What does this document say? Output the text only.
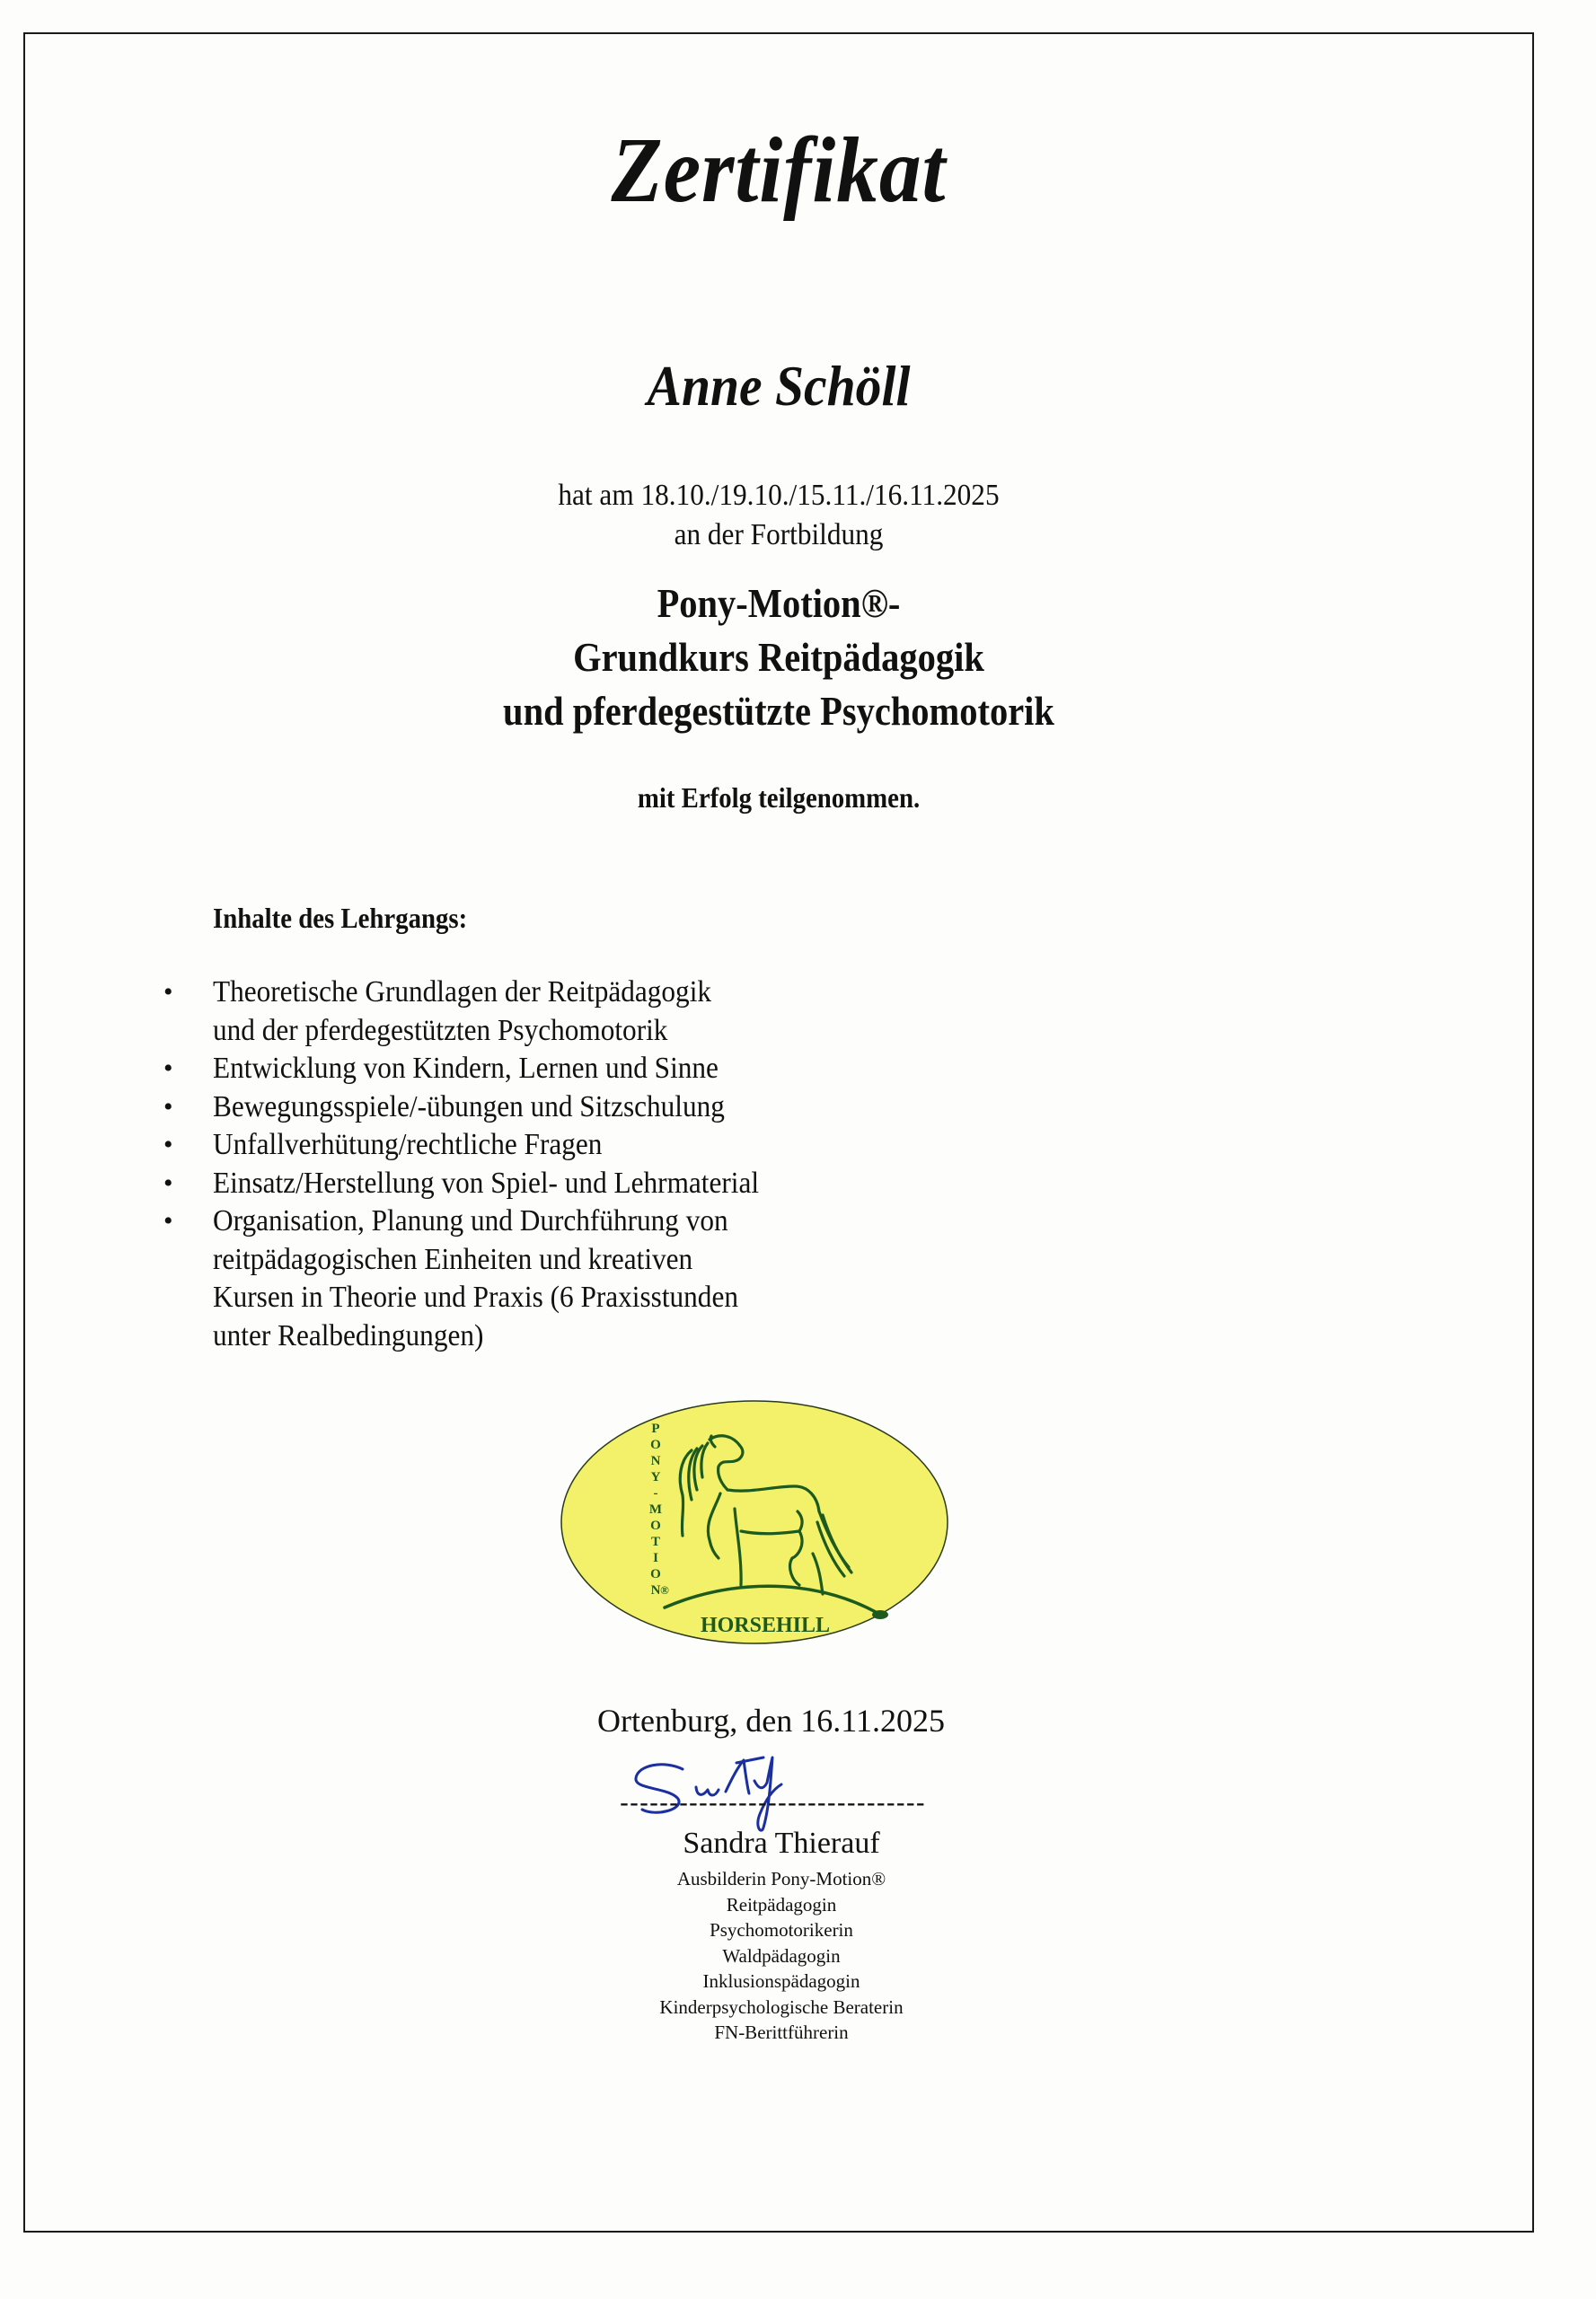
Zertifikat
Anne Schöll
hat am 18.10./19.10./15.11./16.11.2025
an der Fortbildung
Pony-Motion®-
Grundkurs Reitpädagogik
und pferdegestützte Psychomotorik
mit Erfolg teilgenommen.
Inhalte des Lehrgangs:
• Theoretische Grundlagen der Reitpädagogik
und der pferdegestützten Psychomotorik
• Entwicklung von Kindern, Lernen und Sinne
• Bewegungsspiele/-übungen und Sitzschulung
• Unfallverhütung/rechtliche Fragen
• Einsatz/Herstellung von Spiel- und Lehrmaterial
• Organisation, Planung und Durchführung von
reitpädagogischen Einheiten und kreativen
Kursen in Theorie und Praxis (6 Praxisstunden
unter Realbedingungen)
P
O
N
Y
-
M
O
T
I
O
N ®
HORSEHILL
Ortenburg, den 16.11.2025
-------------------------------
Sandra Thierauf
Ausbilderin Pony-Motion®
Reitpädagogin
Psychomotorikerin
Waldpädagogin
Inklusionspädagogin
Kinderpsychologische Beraterin
FN-Berittführerin
